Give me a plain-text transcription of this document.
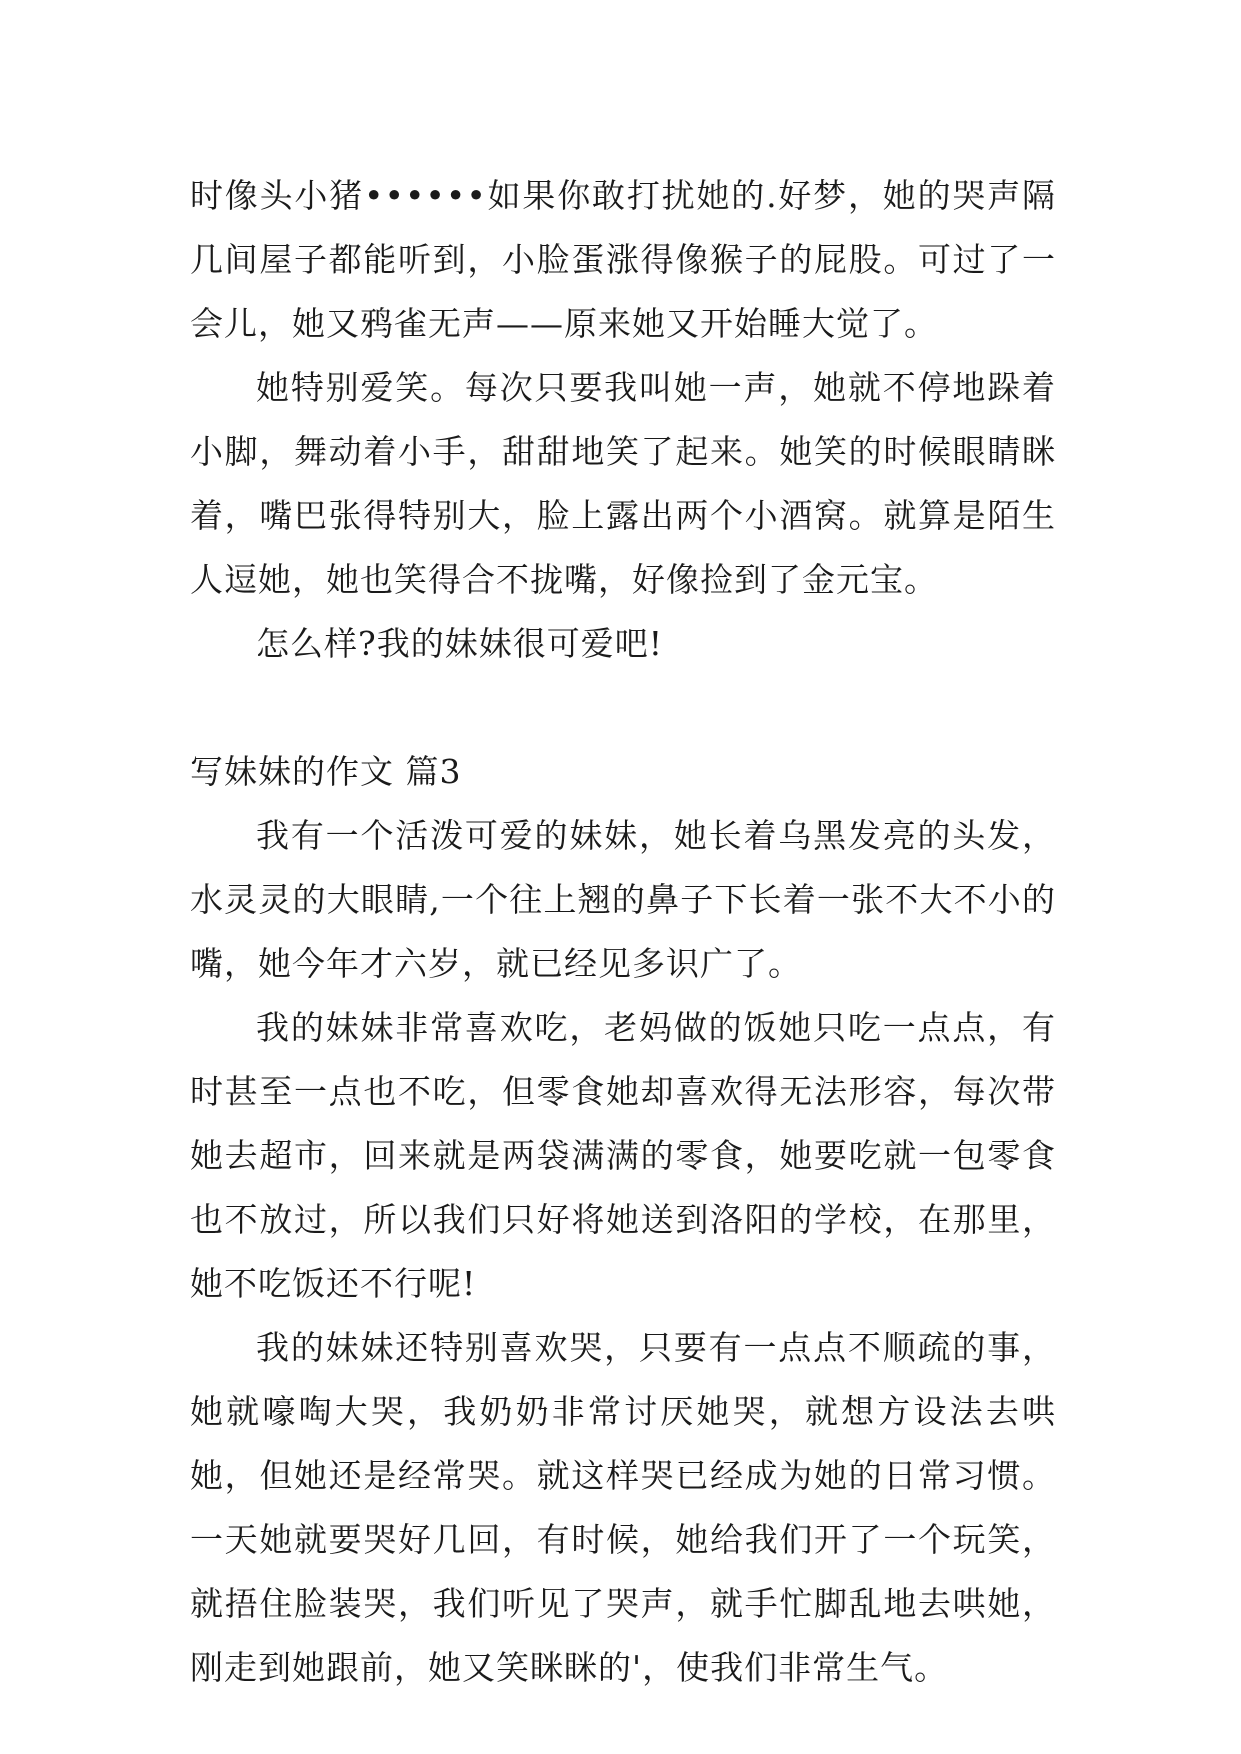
时像头小猪••••••如果你敢打扰她的.好梦，她的哭声隔几间屋子都能听到，小脸蛋涨得像猴子的屁股。可过了一会儿，她又鸦雀无声——原来她又开始睡大觉了。

她特别爱笑。每次只要我叫她一声，她就不停地跺着小脚，舞动着小手，甜甜地笑了起来。她笑的时候眼睛眯着，嘴巴张得特别大，脸上露出两个小酒窝。就算是陌生人逗她，她也笑得合不拢嘴，好像捡到了金元宝。

怎么样?我的妹妹很可爱吧!

写妹妹的作文 篇3

我有一个活泼可爱的妹妹，她长着乌黑发亮的头发，水灵灵的大眼睛,一个往上翘的鼻子下长着一张不大不小的嘴，她今年才六岁，就已经见多识广了。

我的妹妹非常喜欢吃，老妈做的饭她只吃一点点，有时甚至一点也不吃，但零食她却喜欢得无法形容，每次带她去超市，回来就是两袋满满的零食，她要吃就一包零食也不放过，所以我们只好将她送到洛阳的学校，在那里，她不吃饭还不行呢!

我的妹妹还特别喜欢哭，只要有一点点不顺疏的事，她就嚎啕大哭，我奶奶非常讨厌她哭，就想方设法去哄她，但她还是经常哭。就这样哭已经成为她的日常习惯。一天她就要哭好几回，有时候，她给我们开了一个玩笑，就捂住脸装哭，我们听见了哭声，就手忙脚乱地去哄她，刚走到她跟前，她又笑眯眯的'，使我们非常生气。
